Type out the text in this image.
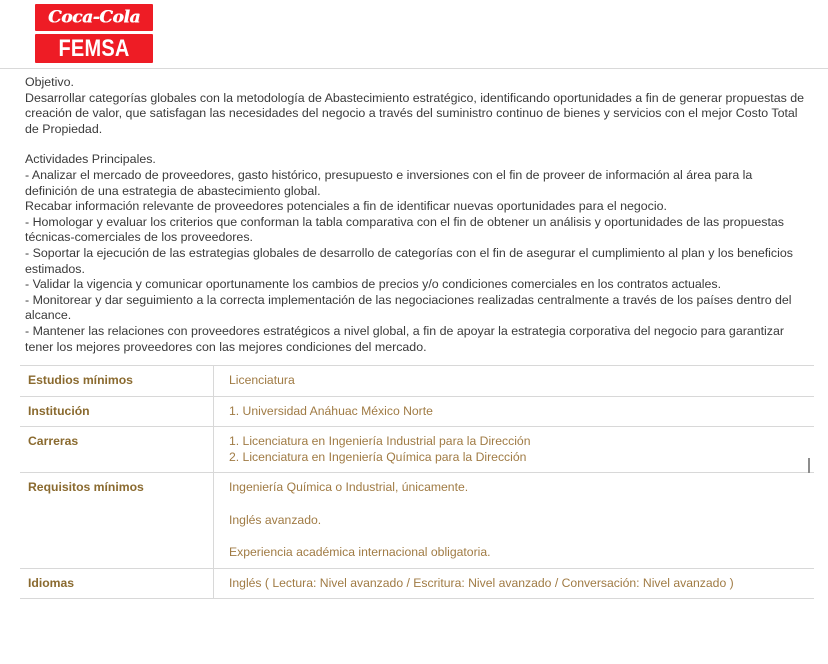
Coca-Cola
FEMSA

Objetivo.

Desarrollar categorías globales con la metodología de Abastecimiento estratégico, identificando oportunidades a fin de generar propuestas de creación de valor, que satisfagan las necesidades del negocio a través del suministro continuo de bienes y servicios con el mejor Costo Total de Propiedad.

Actividades Principales.

- Analizar el mercado de proveedores, gasto histórico, presupuesto e inversiones con el fin de proveer de información al área para la definición de una estrategia de abastecimiento global.

Recabar información relevante de proveedores potenciales a fin de identificar nuevas oportunidades para el negocio.

- Homologar y evaluar los criterios que conforman la tabla comparativa con el fin de obtener un análisis y oportunidades de las propuestas técnicas-comerciales de los proveedores.

- Soportar la ejecución de las estrategias globales de desarrollo de categorías con el fin de asegurar el cumplimiento al plan y los beneficios estimados.

- Validar la vigencia y comunicar oportunamente los cambios de precios y/o condiciones comerciales en los contratos actuales.

- Monitorear y dar seguimiento a la correcta implementación de las negociaciones realizadas centralmente a través de los países dentro del alcance.

- Mantener las relaciones con proveedores estratégicos a nivel global, a fin de apoyar la estrategia corporativa del negocio para garantizar tener los mejores proveedores con las mejores condiciones del mercado.

Estudios mínimos	Licenciatura

Institución	1. Universidad Anáhuac México Norte

Carreras	1. Licenciatura en Ingeniería Industrial para la Dirección
2. Licenciatura en Ingeniería Química para la Dirección

Requisitos mínimos	Ingeniería Química o Industrial, únicamente.
Inglés avanzado.
Experiencia académica internacional obligatoria.

Idiomas	Inglés ( Lectura: Nivel avanzado / Escritura: Nivel avanzado / Conversación: Nivel avanzado )
